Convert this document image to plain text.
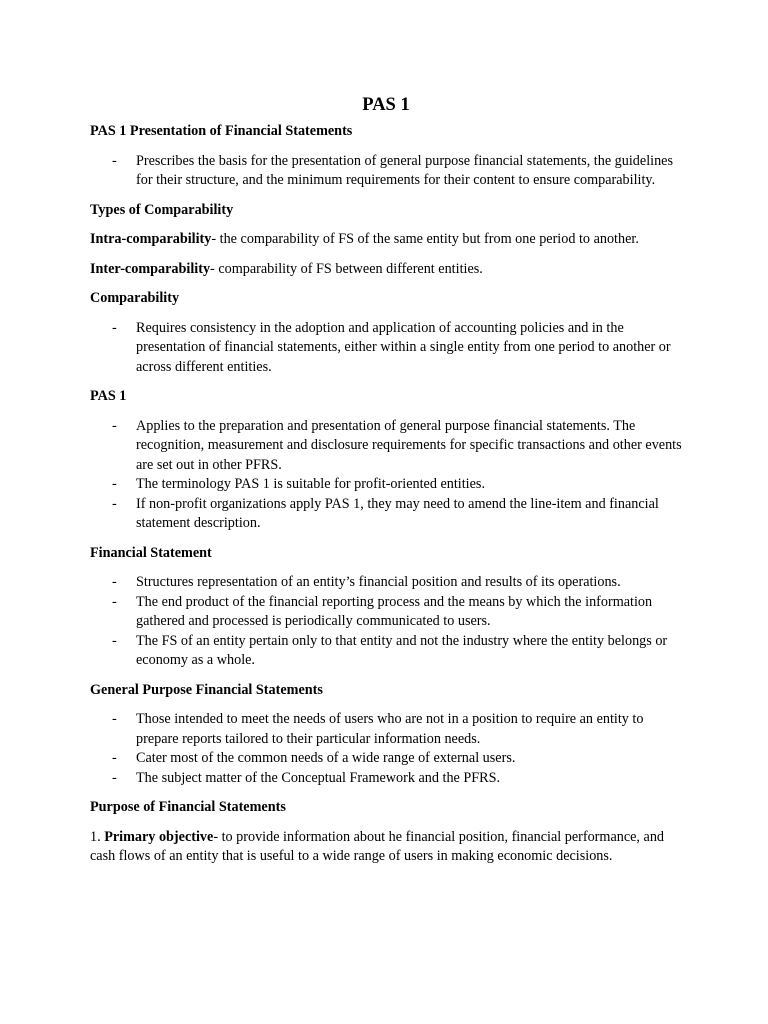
PAS 1
PAS 1 Presentation of Financial Statements
- Prescribes the basis for the presentation of general purpose financial statements, the guidelines for their structure, and the minimum requirements for their content to ensure comparability.
Types of Comparability

Intra-comparability- the comparability of FS of the same entity but from one period to another.

Inter-comparability- comparability of FS between different entities.

Comparability
- Requires consistency in the adoption and application of accounting policies and in the presentation of financial statements, either within a single entity from one period to another or across different entities.
PAS 1
- Applies to the preparation and presentation of general purpose financial statements. The recognition, measurement and disclosure requirements for specific transactions and other events are set out in other PFRS.
- The terminology PAS 1 is suitable for profit-oriented entities.
- If non-profit organizations apply PAS 1, they may need to amend the line-item and financial statement description.
Financial Statement
- Structures representation of an entity’s financial position and results of its operations.
- The end product of the financial reporting process and the means by which the information gathered and processed is periodically communicated to users.
- The FS of an entity pertain only to that entity and not the industry where the entity belongs or economy as a whole.
General Purpose Financial Statements
- Those intended to meet the needs of users who are not in a position to require an entity to prepare reports tailored to their particular information needs.
- Cater most of the common needs of a wide range of external users.
- The subject matter of the Conceptual Framework and the PFRS.
Purpose of Financial Statements

1. Primary objective- to provide information about he financial position, financial performance, and cash flows of an entity that is useful to a wide range of users in making economic decisions.
